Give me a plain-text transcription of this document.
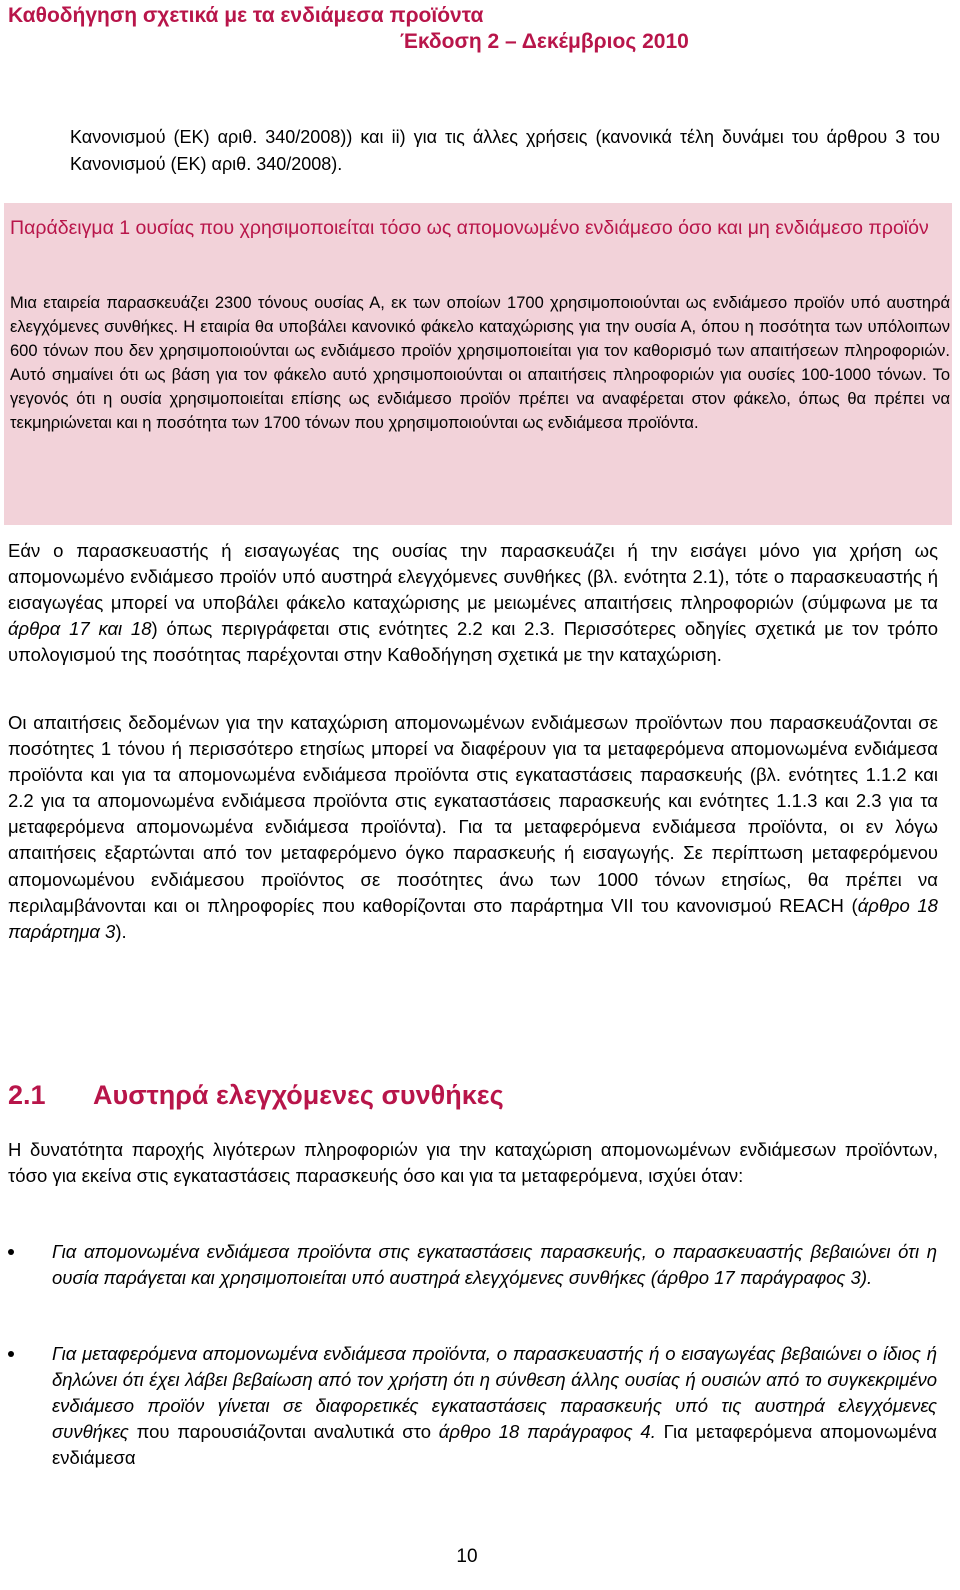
Καθοδήγηση σχετικά με τα ενδιάμεσα προϊόντα
Έκδοση 2 – Δεκέμβριος 2010
Κανονισμού (ΕΚ) αριθ. 340/2008)) και ii) για τις άλλες χρήσεις (κανονικά τέλη δυνάμει του άρθρου 3 του Κανονισμού (ΕΚ) αριθ. 340/2008).
Παράδειγμα 1 ουσίας που χρησιμοποιείται τόσο ως απομονωμένο ενδιάμεσο όσο και μη ενδιάμεσο προϊόν
Μια εταιρεία παρασκευάζει 2300 τόνους ουσίας Α, εκ των οποίων 1700 χρησιμοποιούνται ως ενδιάμεσο προϊόν υπό αυστηρά ελεγχόμενες συνθήκες. Η εταιρία θα υποβάλει κανονικό φάκελο καταχώρισης για την ουσία Α, όπου η ποσότητα των υπόλοιπων 600 τόνων που δεν χρησιμοποιούνται ως ενδιάμεσο προϊόν χρησιμοποιείται για τον καθορισμό των απαιτήσεων πληροφοριών. Αυτό σημαίνει ότι ως βάση για τον φάκελο αυτό χρησιμοποιούνται οι απαιτήσεις πληροφοριών για ουσίες 100-1000 τόνων. Το γεγονός ότι η ουσία χρησιμοποιείται επίσης ως ενδιάμεσο προϊόν πρέπει να αναφέρεται στον φάκελο, όπως θα πρέπει να τεκμηριώνεται και η ποσότητα των 1700 τόνων που χρησιμοποιούνται ως ενδιάμεσα προϊόντα.
Εάν ο παρασκευαστής ή εισαγωγέας της ουσίας την παρασκευάζει ή την εισάγει μόνο για χρήση ως απομονωμένο ενδιάμεσο προϊόν υπό αυστηρά ελεγχόμενες συνθήκες (βλ. ενότητα 2.1), τότε ο παρασκευαστής ή εισαγωγέας μπορεί να υποβάλει φάκελο καταχώρισης με μειωμένες απαιτήσεις πληροφοριών (σύμφωνα με τα άρθρα 17 και 18) όπως περιγράφεται στις ενότητες 2.2 και 2.3. Περισσότερες οδηγίες σχετικά με τον τρόπο υπολογισμού της ποσότητας παρέχονται στην Καθοδήγηση σχετικά με την καταχώριση.
Οι απαιτήσεις δεδομένων για την καταχώριση απομονωμένων ενδιάμεσων προϊόντων που παρασκευάζονται σε ποσότητες 1 τόνου ή περισσότερο ετησίως μπορεί να διαφέρουν για τα μεταφερόμενα απομονωμένα ενδιάμεσα προϊόντα και για τα απομονωμένα ενδιάμεσα προϊόντα στις εγκαταστάσεις παρασκευής (βλ. ενότητες 1.1.2 και 2.2 για τα απομονωμένα ενδιάμεσα προϊόντα στις εγκαταστάσεις παρασκευής και ενότητες 1.1.3 και 2.3 για τα μεταφερόμενα απομονωμένα ενδιάμεσα προϊόντα). Για τα μεταφερόμενα ενδιάμεσα προϊόντα, οι εν λόγω απαιτήσεις εξαρτώνται από τον μεταφερόμενο όγκο παρασκευής ή εισαγωγής. Σε περίπτωση μεταφερόμενου απομονωμένου ενδιάμεσου προϊόντος σε ποσότητες άνω των 1000 τόνων ετησίως, θα πρέπει να περιλαμβάνονται και οι πληροφορίες που καθορίζονται στο παράρτημα VII του κανονισμού REACH (άρθρο 18 παράρτημα 3).
2.1 Αυστηρά ελεγχόμενες συνθήκες
Η δυνατότητα παροχής λιγότερων πληροφοριών για την καταχώριση απομονωμένων ενδιάμεσων προϊόντων, τόσο για εκείνα στις εγκαταστάσεις παρασκευής όσο και για τα μεταφερόμενα, ισχύει όταν:
Για απομονωμένα ενδιάμεσα προϊόντα στις εγκαταστάσεις παρασκευής, ο παρασκευαστής βεβαιώνει ότι η ουσία παράγεται και χρησιμοποιείται υπό αυστηρά ελεγχόμενες συνθήκες (άρθρο 17 παράγραφος 3).
Για μεταφερόμενα απομονωμένα ενδιάμεσα προϊόντα, ο παρασκευαστής ή ο εισαγωγέας βεβαιώνει ο ίδιος ή δηλώνει ότι έχει λάβει βεβαίωση από τον χρήστη ότι η σύνθεση άλλης ουσίας ή ουσιών από το συγκεκριμένο ενδιάμεσο προϊόν γίνεται σε διαφορετικές εγκαταστάσεις παρασκευής υπό τις αυστηρά ελεγχόμενες συνθήκες που παρουσιάζονται αναλυτικά στο άρθρο 18 παράγραφος 4. Για μεταφερόμενα απομονωμένα ενδιάμεσα
10
